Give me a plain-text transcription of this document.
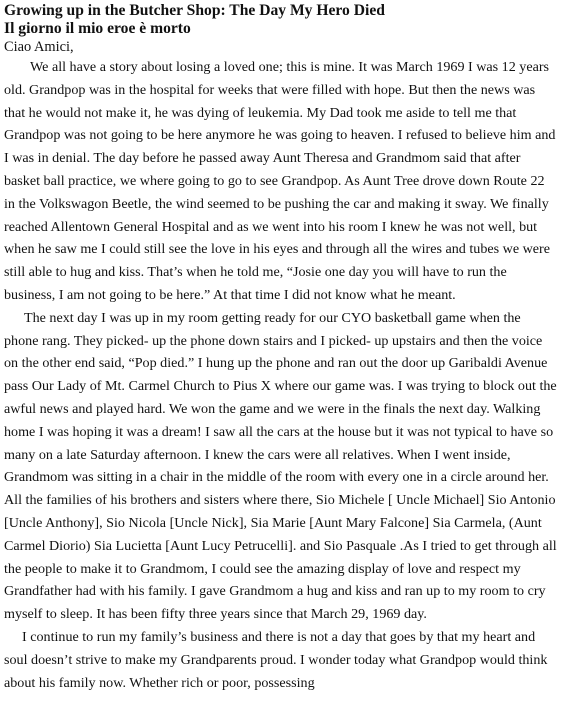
Growing up in the Butcher Shop: The Day My Hero Died
Il giorno il mio eroe è morto

Ciao Amici,

We all have a story about losing a loved one; this is mine. It was March 1969 I was 12 years old. Grandpop was in the hospital for weeks that were filled with hope. But then the news was that he would not make it, he was dying of leukemia. My Dad took me aside to tell me that Grandpop was not going to be here anymore he was going to heaven. I refused to believe him and I was in denial. The day before he passed away Aunt Theresa and Grandmom said that after basket ball practice, we where going to go to see Grandpop. As Aunt Tree drove down Route 22 in the Volkswagon Beetle, the wind seemed to be pushing the car and making it sway. We finally reached Allentown General Hospital and as we went into his room I knew he was not well, but when he saw me I could still see the love in his eyes and through all the wires and tubes we were still able to hug and kiss. That’s when he told me, “Josie one day you will have to run the business, I am not going to be here.” At that time I did not know what he meant.

The next day I was up in my room getting ready for our CYO basketball game when the phone rang. They picked- up the phone down stairs and I picked- up upstairs and then the voice on the other end said, “Pop died.” I hung up the phone and ran out the door up Garibaldi Avenue pass Our Lady of Mt. Carmel Church to Pius X where our game was. I was trying to block out the awful news and played hard. We won the game and we were in the finals the next day. Walking home I was hoping it was a dream! I saw all the cars at the house but it was not typical to have so many on a late Saturday afternoon. I knew the cars were all relatives. When I went inside, Grandmom was sitting in a chair in the middle of the room with every one in a circle around her. All the families of his brothers and sisters where there, Sio Michele [ Uncle Michael] Sio Antonio [Uncle Anthony], Sio Nicola [Uncle Nick], Sia Marie [Aunt Mary Falcone] Sia Carmela, (Aunt Carmel Diorio) Sia Lucietta [Aunt Lucy Petrucelli]. and Sio Pasquale .As I tried to get through all the people to make it to Grandmom, I could see the amazing display of love and respect my Grandfather had with his family. I gave Grandmom a hug and kiss and ran up to my room to cry myself to sleep. It has been fifty three years since that March 29, 1969 day.

I continue to run my family’s business and there is not a day that goes by that my heart and soul doesn’t strive to make my Grandparents proud. I wonder today what Grandpop would think about his family now. Whether rich or poor, possessing
